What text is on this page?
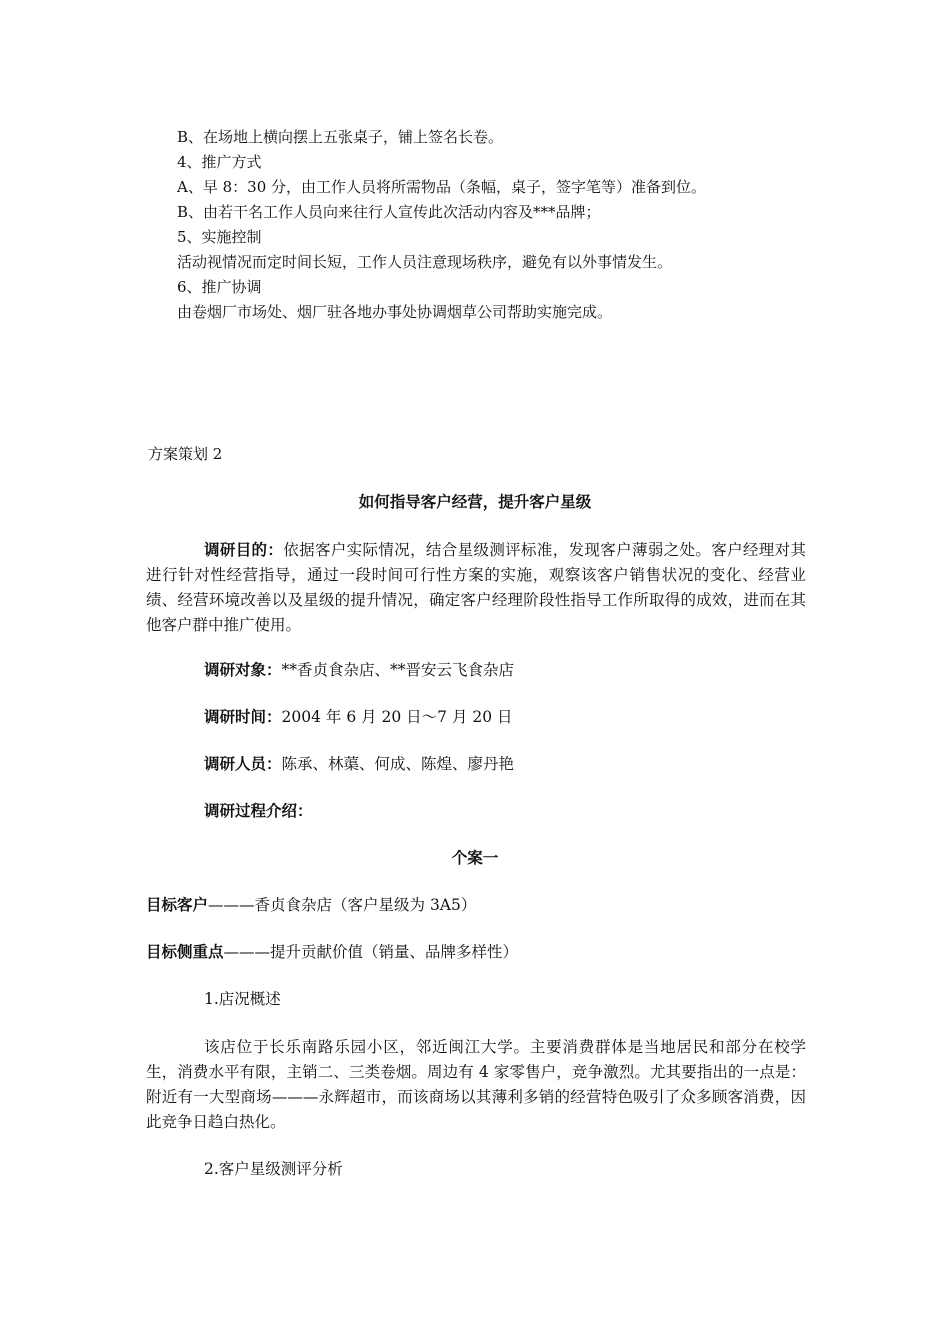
B、在场地上横向摆上五张桌子，铺上签名长卷。
4、推广方式
A、早 8：30 分，由工作人员将所需物品（条幅，桌子，签字笔等）准备到位。
B、由若干名工作人员向来往行人宣传此次活动内容及***品牌；
5、实施控制
活动视情况而定时间长短，工作人员注意现场秩序，避免有以外事情发生。
6、推广协调
由卷烟厂市场处、烟厂驻各地办事处协调烟草公司帮助实施完成。
方案策划 2
如何指导客户经营，提升客户星级
调研目的：依据客户实际情况，结合星级测评标准，发现客户薄弱之处。客户经理对其进行针对性经营指导，通过一段时间可行性方案的实施，观察该客户销售状况的变化、经营业绩、经营环境改善以及星级的提升情况，确定客户经理阶段性指导工作所取得的成效，进而在其他客户群中推广使用。
调研对象：**香贞食杂店、**晋安云飞食杂店
调研时间：2004 年 6 月 20 日～7 月 20 日
调研人员：陈承、林蕖、何成、陈煌、廖丹艳
调研过程介绍：
个案一
目标客户———香贞食杂店（客户星级为 3A5）
目标侧重点———提升贡献价值（销量、品牌多样性）
1.店况概述
该店位于长乐南路乐园小区，邻近闽江大学。主要消费群体是当地居民和部分在校学生，消费水平有限，主销二、三类卷烟。周边有 4 家零售户，竞争激烈。尤其要指出的一点是：附近有一大型商场———永辉超市，而该商场以其薄利多销的经营特色吸引了众多顾客消费，因此竞争日趋白热化。
2.客户星级测评分析
